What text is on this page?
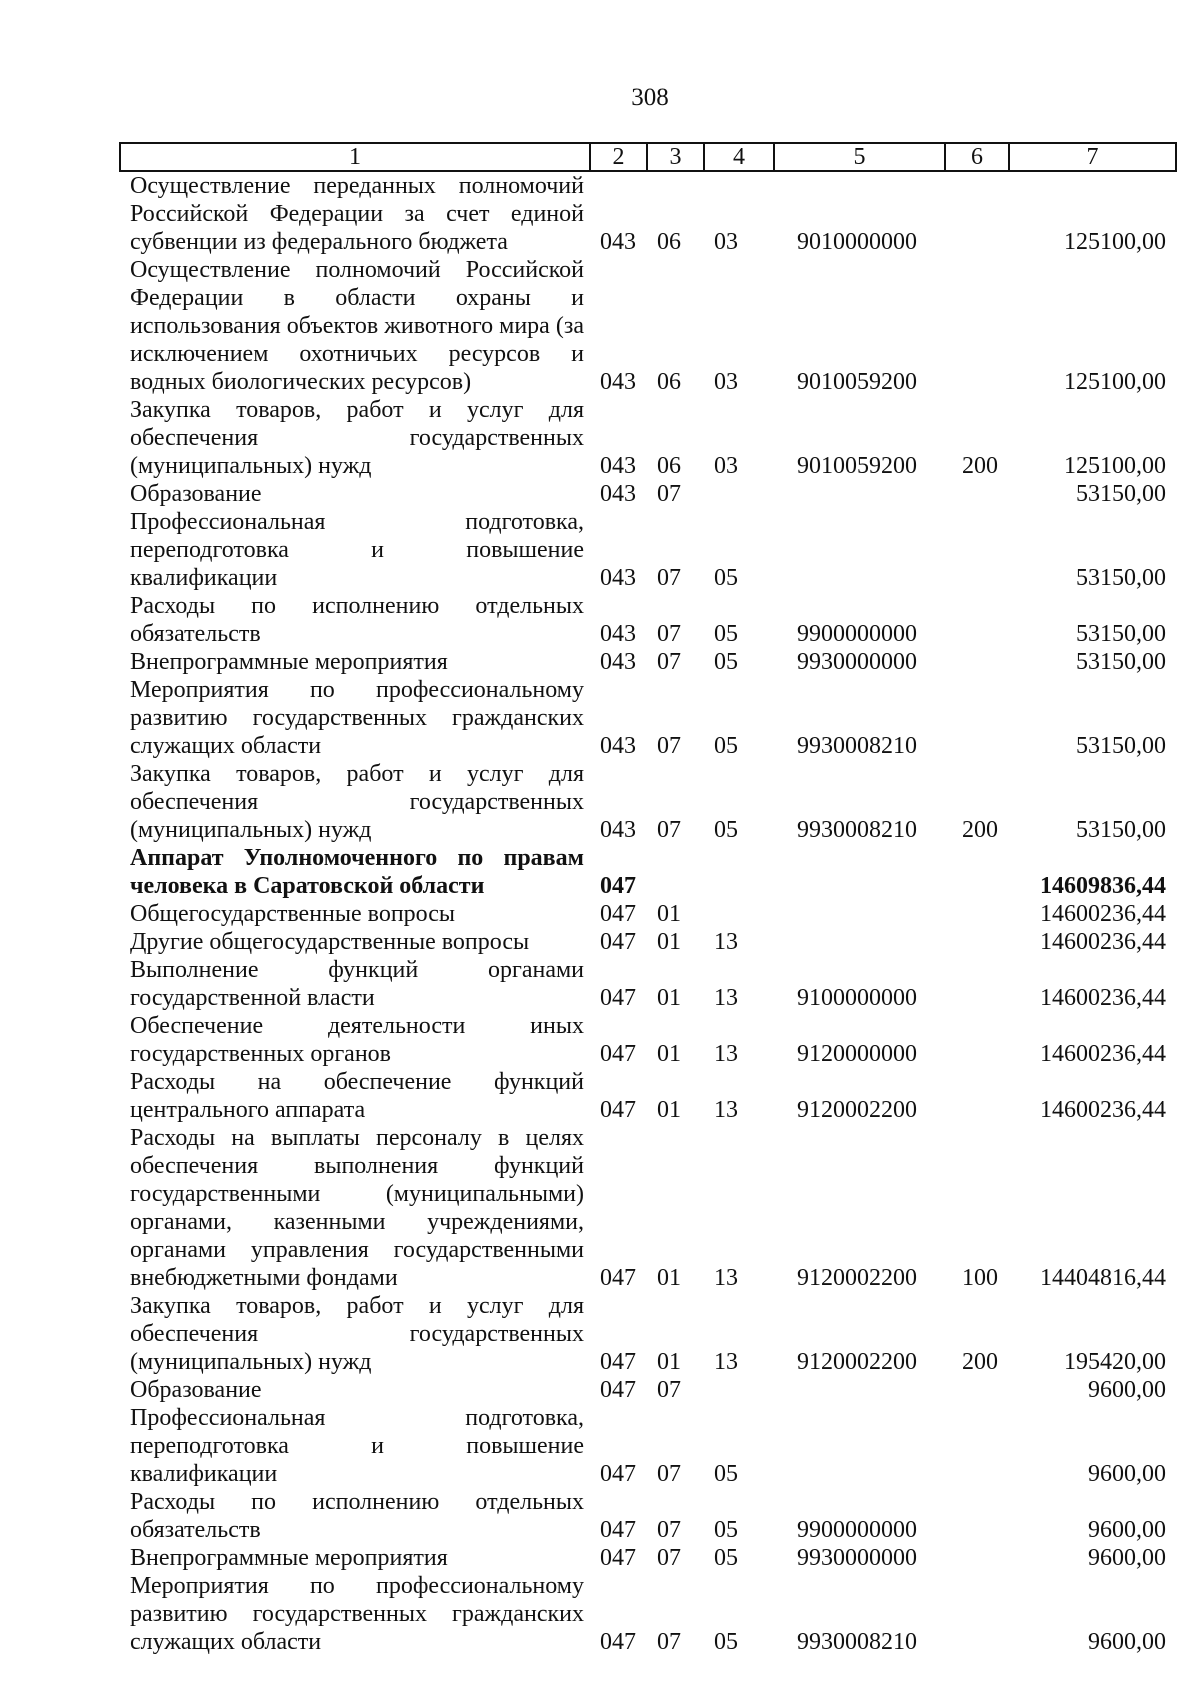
308
1	2	3	4	5	6	7
Осуществление переданных полномочий Российской Федерации за счет единой субвенции из федерального бюджета	043	06	03	9010000000		125100,00
Осуществление полномочий Российской Федерации в области охраны и использования объектов животного мира (за исключением охотничьих ресурсов и водных биологических ресурсов)	043	06	03	9010059200		125100,00
Закупка товаров, работ и услуг для обеспечения государственных (муниципальных) нужд	043	06	03	9010059200	200	125100,00
Образование	043	07				53150,00
Профессиональная подготовка, переподготовка и повышение квалификации	043	07	05			53150,00
Расходы по исполнению отдельных обязательств	043	07	05	9900000000		53150,00
Внепрограммные мероприятия	043	07	05	9930000000		53150,00
Мероприятия по профессиональному развитию государственных гражданских служащих области	043	07	05	9930008210		53150,00
Закупка товаров, работ и услуг для обеспечения государственных (муниципальных) нужд	043	07	05	9930008210	200	53150,00
Аппарат Уполномоченного по правам человека в Саратовской области	047					14609836,44
Общегосударственные вопросы	047	01				14600236,44
Другие общегосударственные вопросы	047	01	13			14600236,44
Выполнение функций органами государственной власти	047	01	13	9100000000		14600236,44
Обеспечение деятельности иных государственных органов	047	01	13	9120000000		14600236,44
Расходы на обеспечение функций центрального аппарата	047	01	13	9120002200		14600236,44
Расходы на выплаты персоналу в целях обеспечения выполнения функций государственными (муниципальными) органами, казенными учреждениями, органами управления государственными внебюджетными фондами	047	01	13	9120002200	100	14404816,44
Закупка товаров, работ и услуг для обеспечения государственных (муниципальных) нужд	047	01	13	9120002200	200	195420,00
Образование	047	07				9600,00
Профессиональная подготовка, переподготовка и повышение квалификации	047	07	05			9600,00
Расходы по исполнению отдельных обязательств	047	07	05	9900000000		9600,00
Внепрограммные мероприятия	047	07	05	9930000000		9600,00
Мероприятия по профессиональному развитию государственных гражданских служащих области	047	07	05	9930008210		9600,00
